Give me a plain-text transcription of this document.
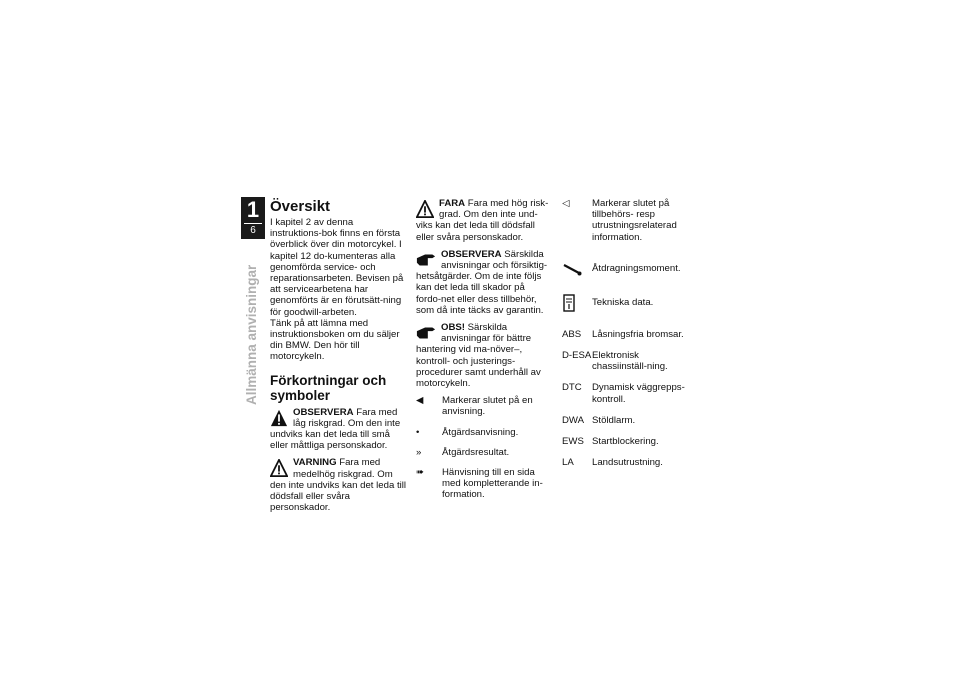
1
6
Allmänna anvisningar
Översikt

I kapitel 2 av denna instruktions-bok finns en första överblick över din motorcykel. I kapitel 12 do-kumenteras alla genomförda service- och reparationsarbeten. Bevisen på att servicearbetena har genomförts är en förutsätt-ning för goodwill-arbeten.

Tänk på att lämna med instruktionsboken om du säljer din BMW. Den hör till motorcykeln.

Förkortningar och symboler
OBSERVERA Fara med låg riskgrad. Om den inte undviks kan det leda till små eller måttliga personskador.
VARNING Fara med medelhög riskgrad. Om den inte undviks kan det leda till dödsfall eller svåra personskador.
FARA Fara med hög risk-grad. Om den inte und-viks kan det leda till dödsfall eller svåra personskador.
OBSERVERA Särskilda anvisningar och försiktig-hetsåtgärder. Om de inte följs kan det leda till skador på fordo-net eller dess tillbehör, som då inte täcks av garantin.
OBS! Särskilda anvisningar för bättre hantering vid ma-növer–, kontroll- och justerings-procedurer samt underhåll av motorcykeln.
◀	Markerar slutet på en anvisning.
•	Åtgärdsanvisning.
»	Åtgärdsresultat.
➠	Hänvisning till en sida med kompletterande in-formation.
◁	Markerar slutet på tillbehörs- resp utrustningsrelaterad information.
Åtdragningsmoment.
Tekniska data.
ABS	Låsningsfria bromsar.
D-ESA Elektronisk chassiinställ-ning.
DTC	Dynamisk väggrepps-kontroll.
DWA Stöldlarm.
EWS Startblockering.
LA	Landsutrustning.
